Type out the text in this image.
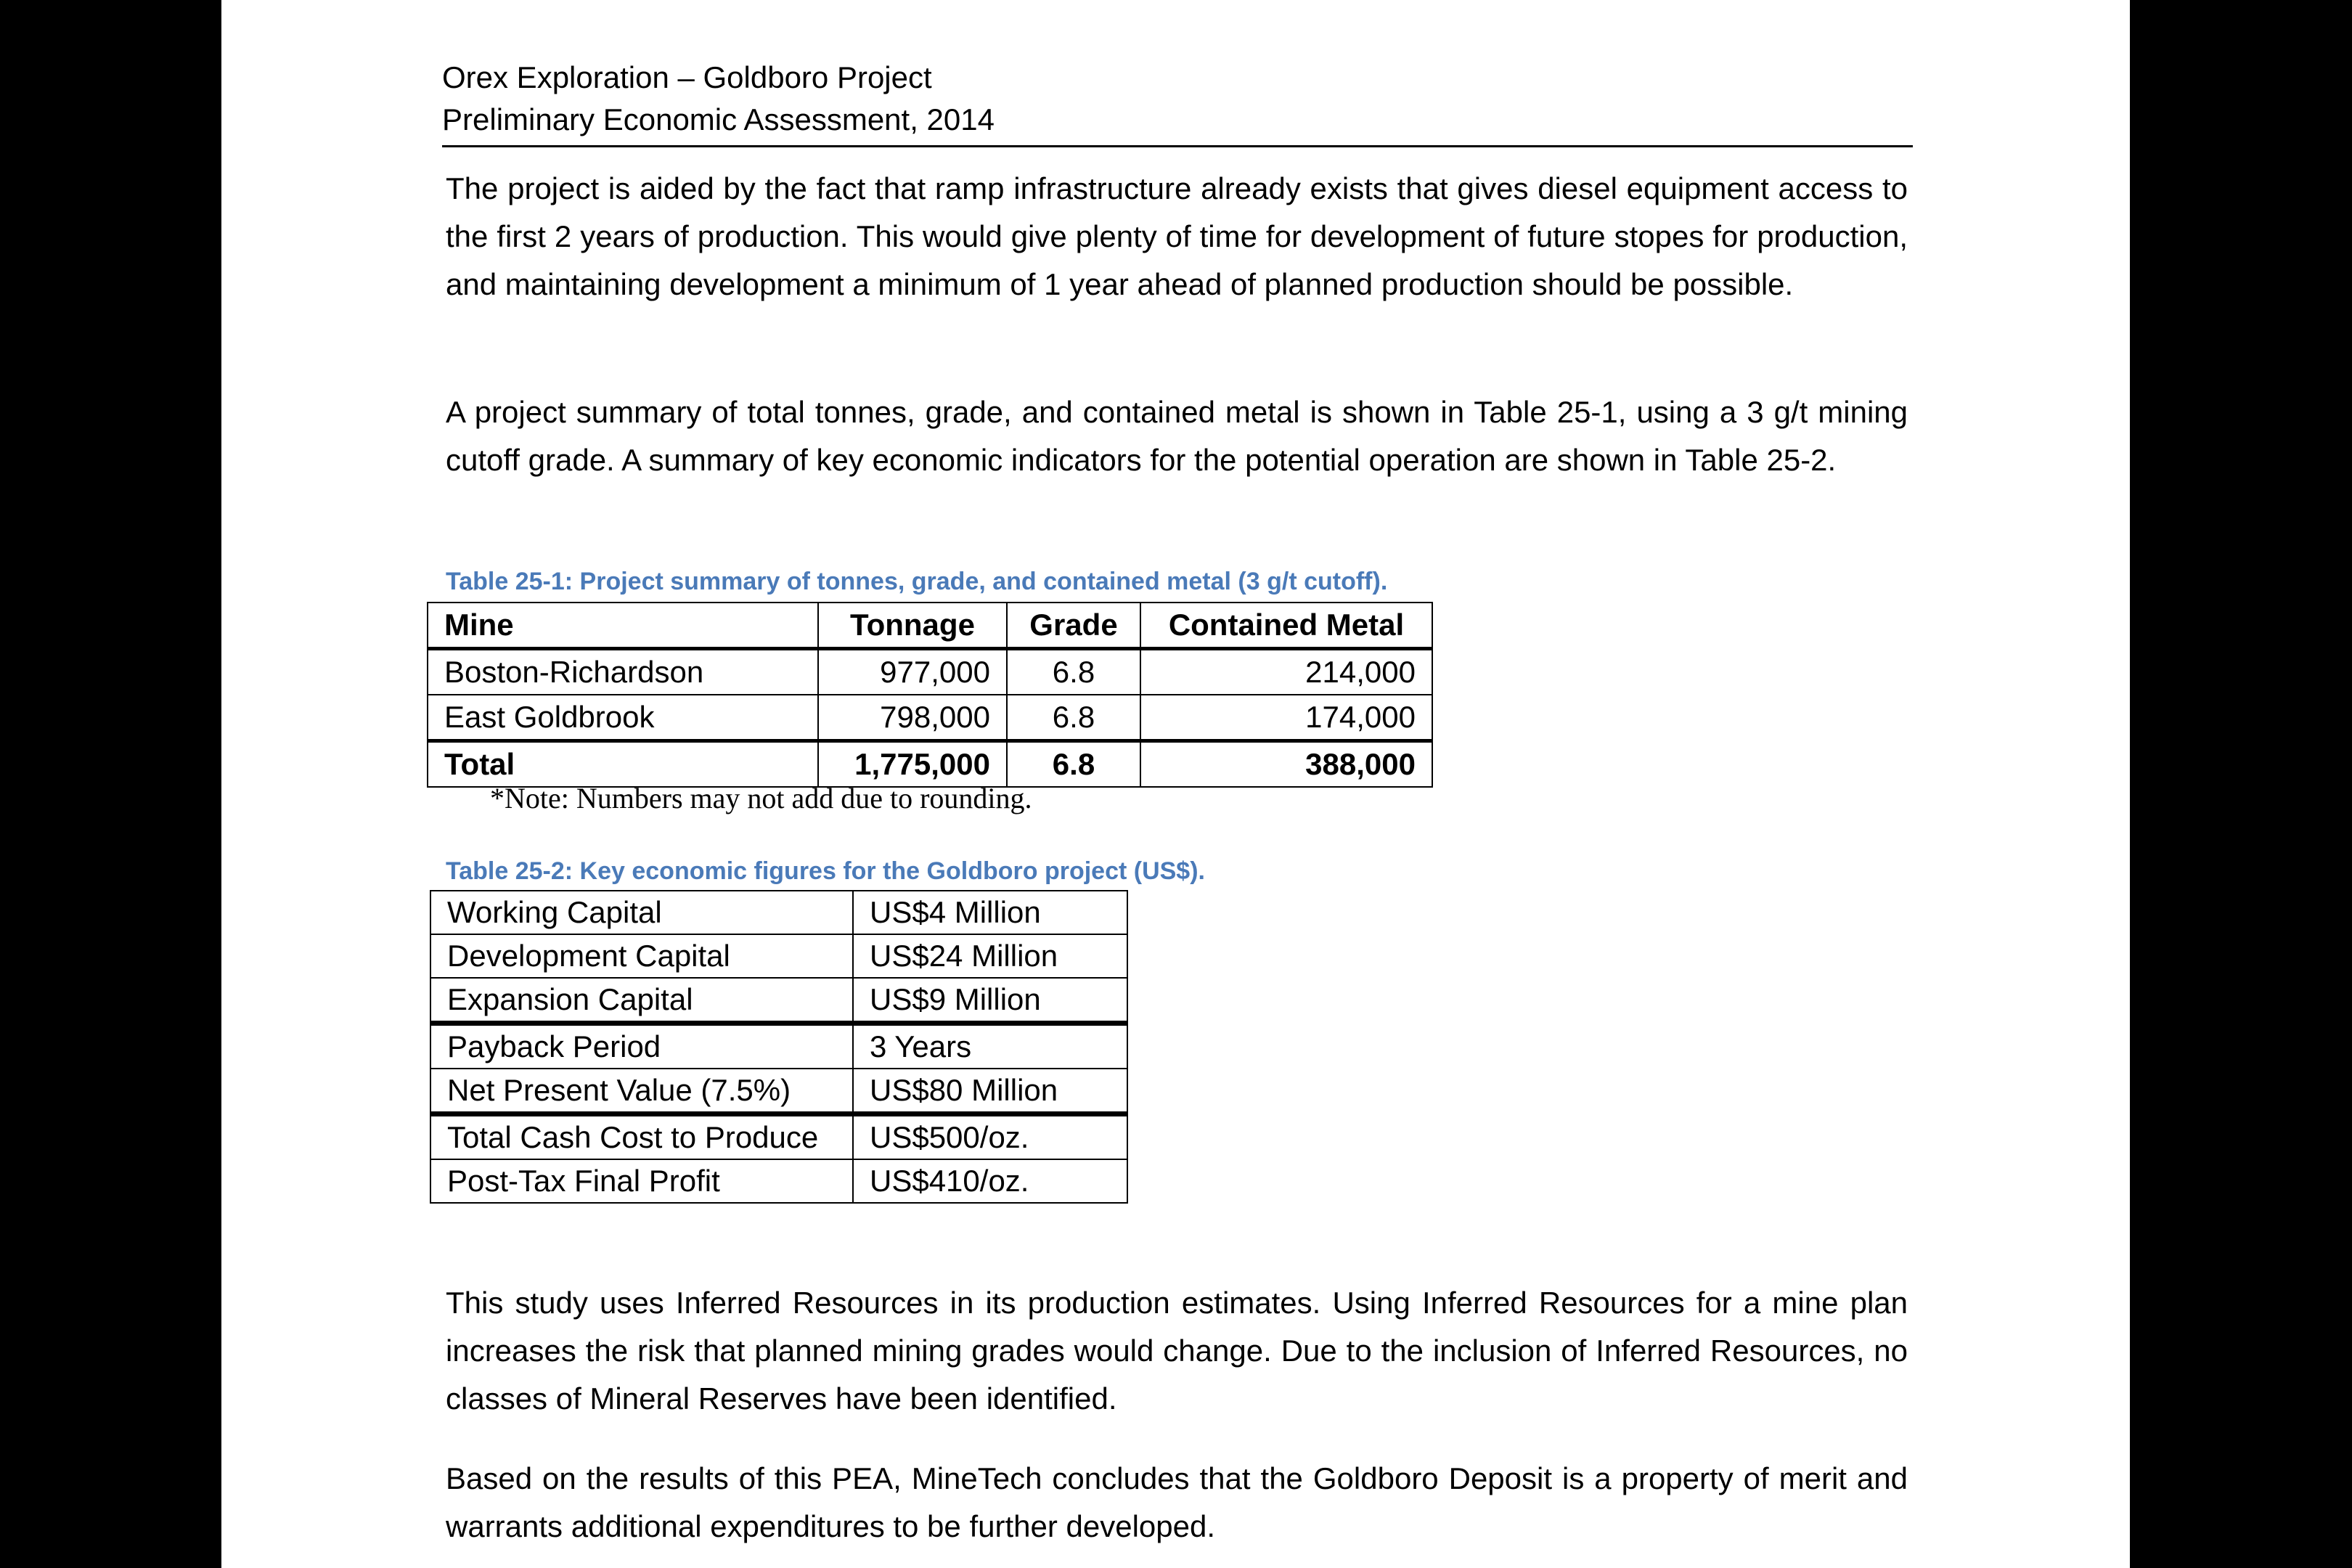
Orex Exploration – Goldboro Project
Preliminary Economic Assessment, 2014

The project is aided by the fact that ramp infrastructure already exists that gives diesel equipment access to the first 2 years of production. This would give plenty of time for development of future stopes for production, and maintaining development a minimum of 1 year ahead of planned production should be possible.

A project summary of total tonnes, grade, and contained metal is shown in Table 25-1, using a 3 g/t mining cutoff grade. A summary of key economic indicators for the potential operation are shown in Table 25-2.

Table 25-1: Project summary of tonnes, grade, and contained metal (3 g/t cutoff).
Mine	Tonnage	Grade	Contained Metal
Boston-Richardson	977,000	6.8	214,000
East Goldbrook	798,000	6.8	174,000
Total	1,775,000	6.8	388,000
*Note: Numbers may not add due to rounding.
Table 25-2: Key economic figures for the Goldboro project (US$).
Working Capital	US$4 Million
Development Capital	US$24 Million
Expansion Capital	US$9 Million
Payback Period	3 Years
Net Present Value (7.5%)	US$80 Million
Total Cash Cost to Produce	US$500/oz.
Post-Tax Final Profit	US$410/oz.

This study uses Inferred Resources in its production estimates. Using Inferred Resources for a mine plan increases the risk that planned mining grades would change. Due to the inclusion of Inferred Resources, no classes of Mineral Reserves have been identified.

Based on the results of this PEA, MineTech concludes that the Goldboro Deposit is a property of merit and warrants additional expenditures to be further developed.
